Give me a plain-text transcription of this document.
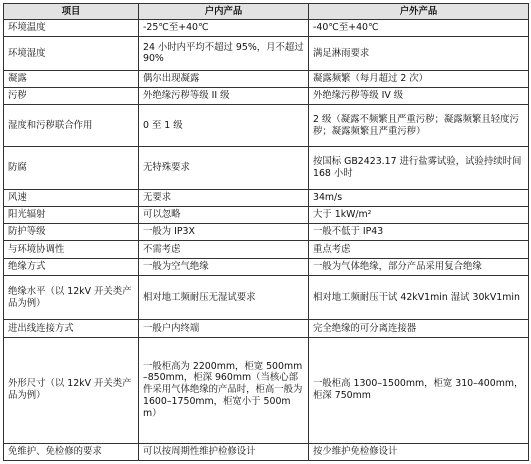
项目	户内产品	户外产品
环境温度	-25℃至+40℃	-40℃至+40℃
环境湿度	24 小时内平均不超过 95%，月不超过 90%	满足淋雨要求
凝露	偶尔出现凝露	凝露频繁（每月超过 2 次）
污秽	外绝缘污秽等级 II 级	外绝缘污秽等级 IV 级
湿度和污秽联合作用	0 至 1 级	2 级（凝露不频繁且严重污秽；凝露频繁且轻度污秽；凝露频繁且严重污秽）
防腐	无特殊要求	按国标 GB2423.17 进行盐雾试验，试验持续时间 168 小时
风速	无要求	34m/s
阳光辐射	可以忽略	大于 1kW/m²
防护等级	一般为 IP3X	一般不低于 IP43
与环境协调性	不需考虑	重点考虑
绝缘方式	一般为空气绝缘	一般为气体绝缘，部分产品采用复合绝缘
绝缘水平（以 12kV 开关类产品为例）	相对地工频耐压无湿试要求	相对地工频耐压干试 42kV1min 湿试 30kV1min
进出线连接方式	一般户内终端	完全绝缘的可分离连接器
外形尺寸（以 12kV 开关类产品为例）	一般柜高为 2200mm，柜宽 500mm–850mm，柜深 960mm（当核心部件采用气体绝缘的产品时，柜高一般为 1600–1750mm，柜宽小于 500mm）	一般柜高 1300–1500mm，柜宽 310–400mm，柜深 750mm
免维护、免检修的要求	可以按周期性维护检修设计	按少维护免检修设计
